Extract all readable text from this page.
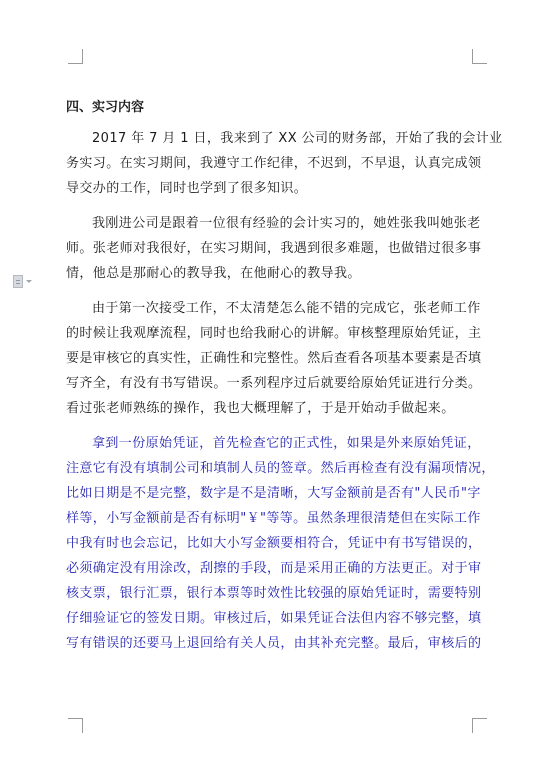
四、实习内容
2017 年 7 月 1 日，我来到了 XX 公司的财务部，开始了我的会计业
务实习。在实习期间，我遵守工作纪律，不迟到，不早退，认真完成领
导交办的工作，同时也学到了很多知识。
我刚进公司是跟着一位很有经验的会计实习的，她姓张我叫她张老
师。张老师对我很好，在实习期间，我遇到很多难题，也做错过很多事
情，他总是那耐心的教导我，在他耐心的教导我。
由于第一次接受工作，不太清楚怎么能不错的完成它，张老师工作
的时候让我观摩流程，同时也给我耐心的讲解。审核整理原始凭证，主
要是审核它的真实性，正确性和完整性。然后查看各项基本要素是否填
写齐全，有没有书写错误。一系列程序过后就要给原始凭证进行分类。
看过张老师熟练的操作，我也大概理解了，于是开始动手做起来。
拿到一份原始凭证，首先检查它的正式性，如果是外来原始凭证，
注意它有没有填制公司和填制人员的签章。然后再检查有没有漏项情况，
比如日期是不是完整，数字是不是清晰，大写金额前是否有"人民币"字
样等，小写金额前是否有标明"￥"等等。虽然条理很清楚但在实际工作
中我有时也会忘记，比如大小写金额要相符合，凭证中有书写错误的，
必须确定没有用涂改，刮擦的手段，而是采用正确的方法更正。对于审
核支票，银行汇票，银行本票等时效性比较强的原始凭证时，需要特别
仔细验证它的签发日期。审核过后，如果凭证合法但内容不够完整，填
写有错误的还要马上退回给有关人员，由其补充完整。最后，审核后的
